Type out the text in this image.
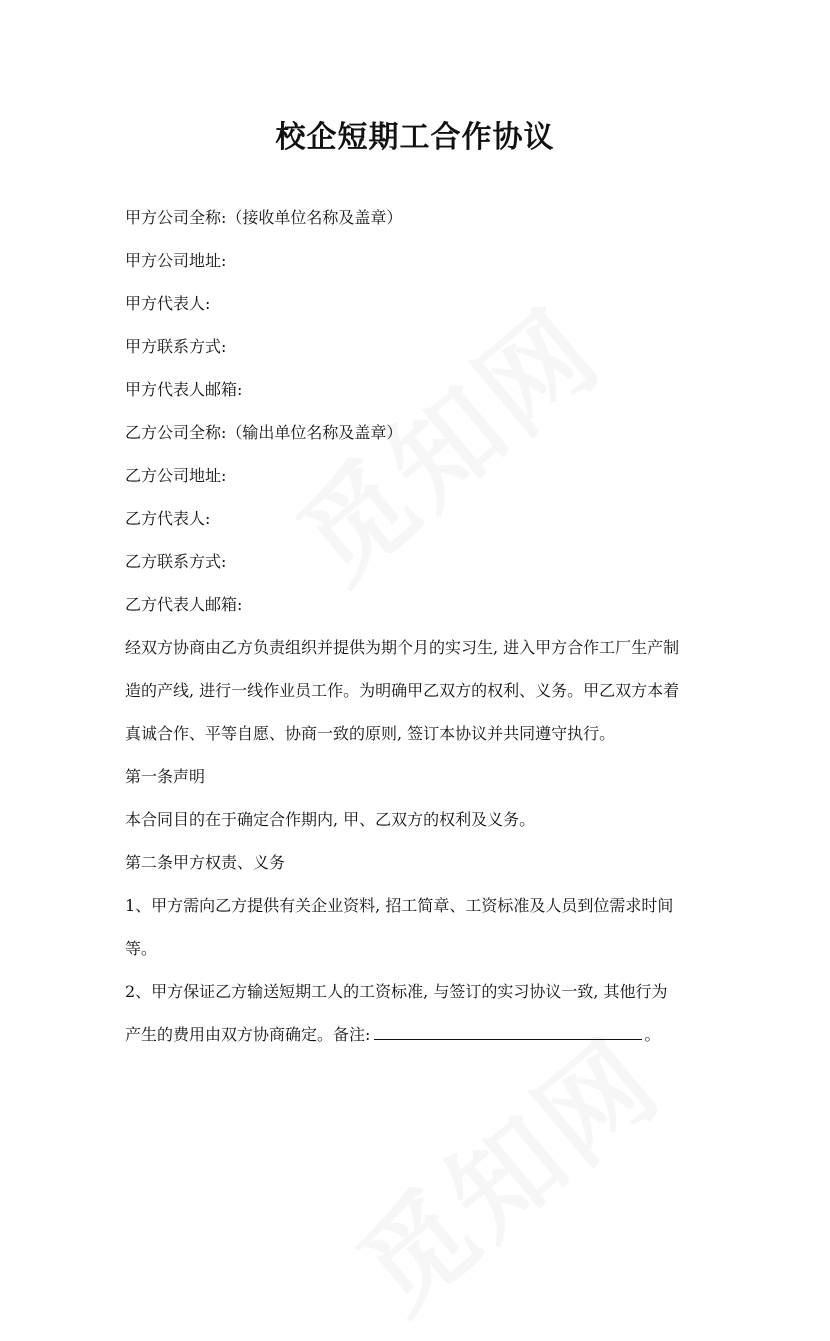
校企短期工合作协议

甲方公司全称:（接收单位名称及盖章）

甲方公司地址:

甲方代表人:

甲方联系方式:

甲方代表人邮箱:

乙方公司全称:（输出单位名称及盖章）

乙方公司地址:

乙方代表人:

乙方联系方式:

乙方代表人邮箱:

经双方协商由乙方负责组织并提供为期个月的实习生, 进入甲方合作工厂生产制

造的产线, 进行一线作业员工作。为明确甲乙双方的权利、义务。甲乙双方本着

真诚合作、平等自愿、协商一致的原则, 签订本协议并共同遵守执行。

第一条声明

本合同目的在于确定合作期内, 甲、乙双方的权利及义务。

第二条甲方权责、义务

1、甲方需向乙方提供有关企业资料, 招工简章、工资标准及人员到位需求时间

等。

2、甲方保证乙方输送短期工人的工资标准, 与签订的实习协议一致, 其他行为

产生的费用由双方协商确定。备注:	。
